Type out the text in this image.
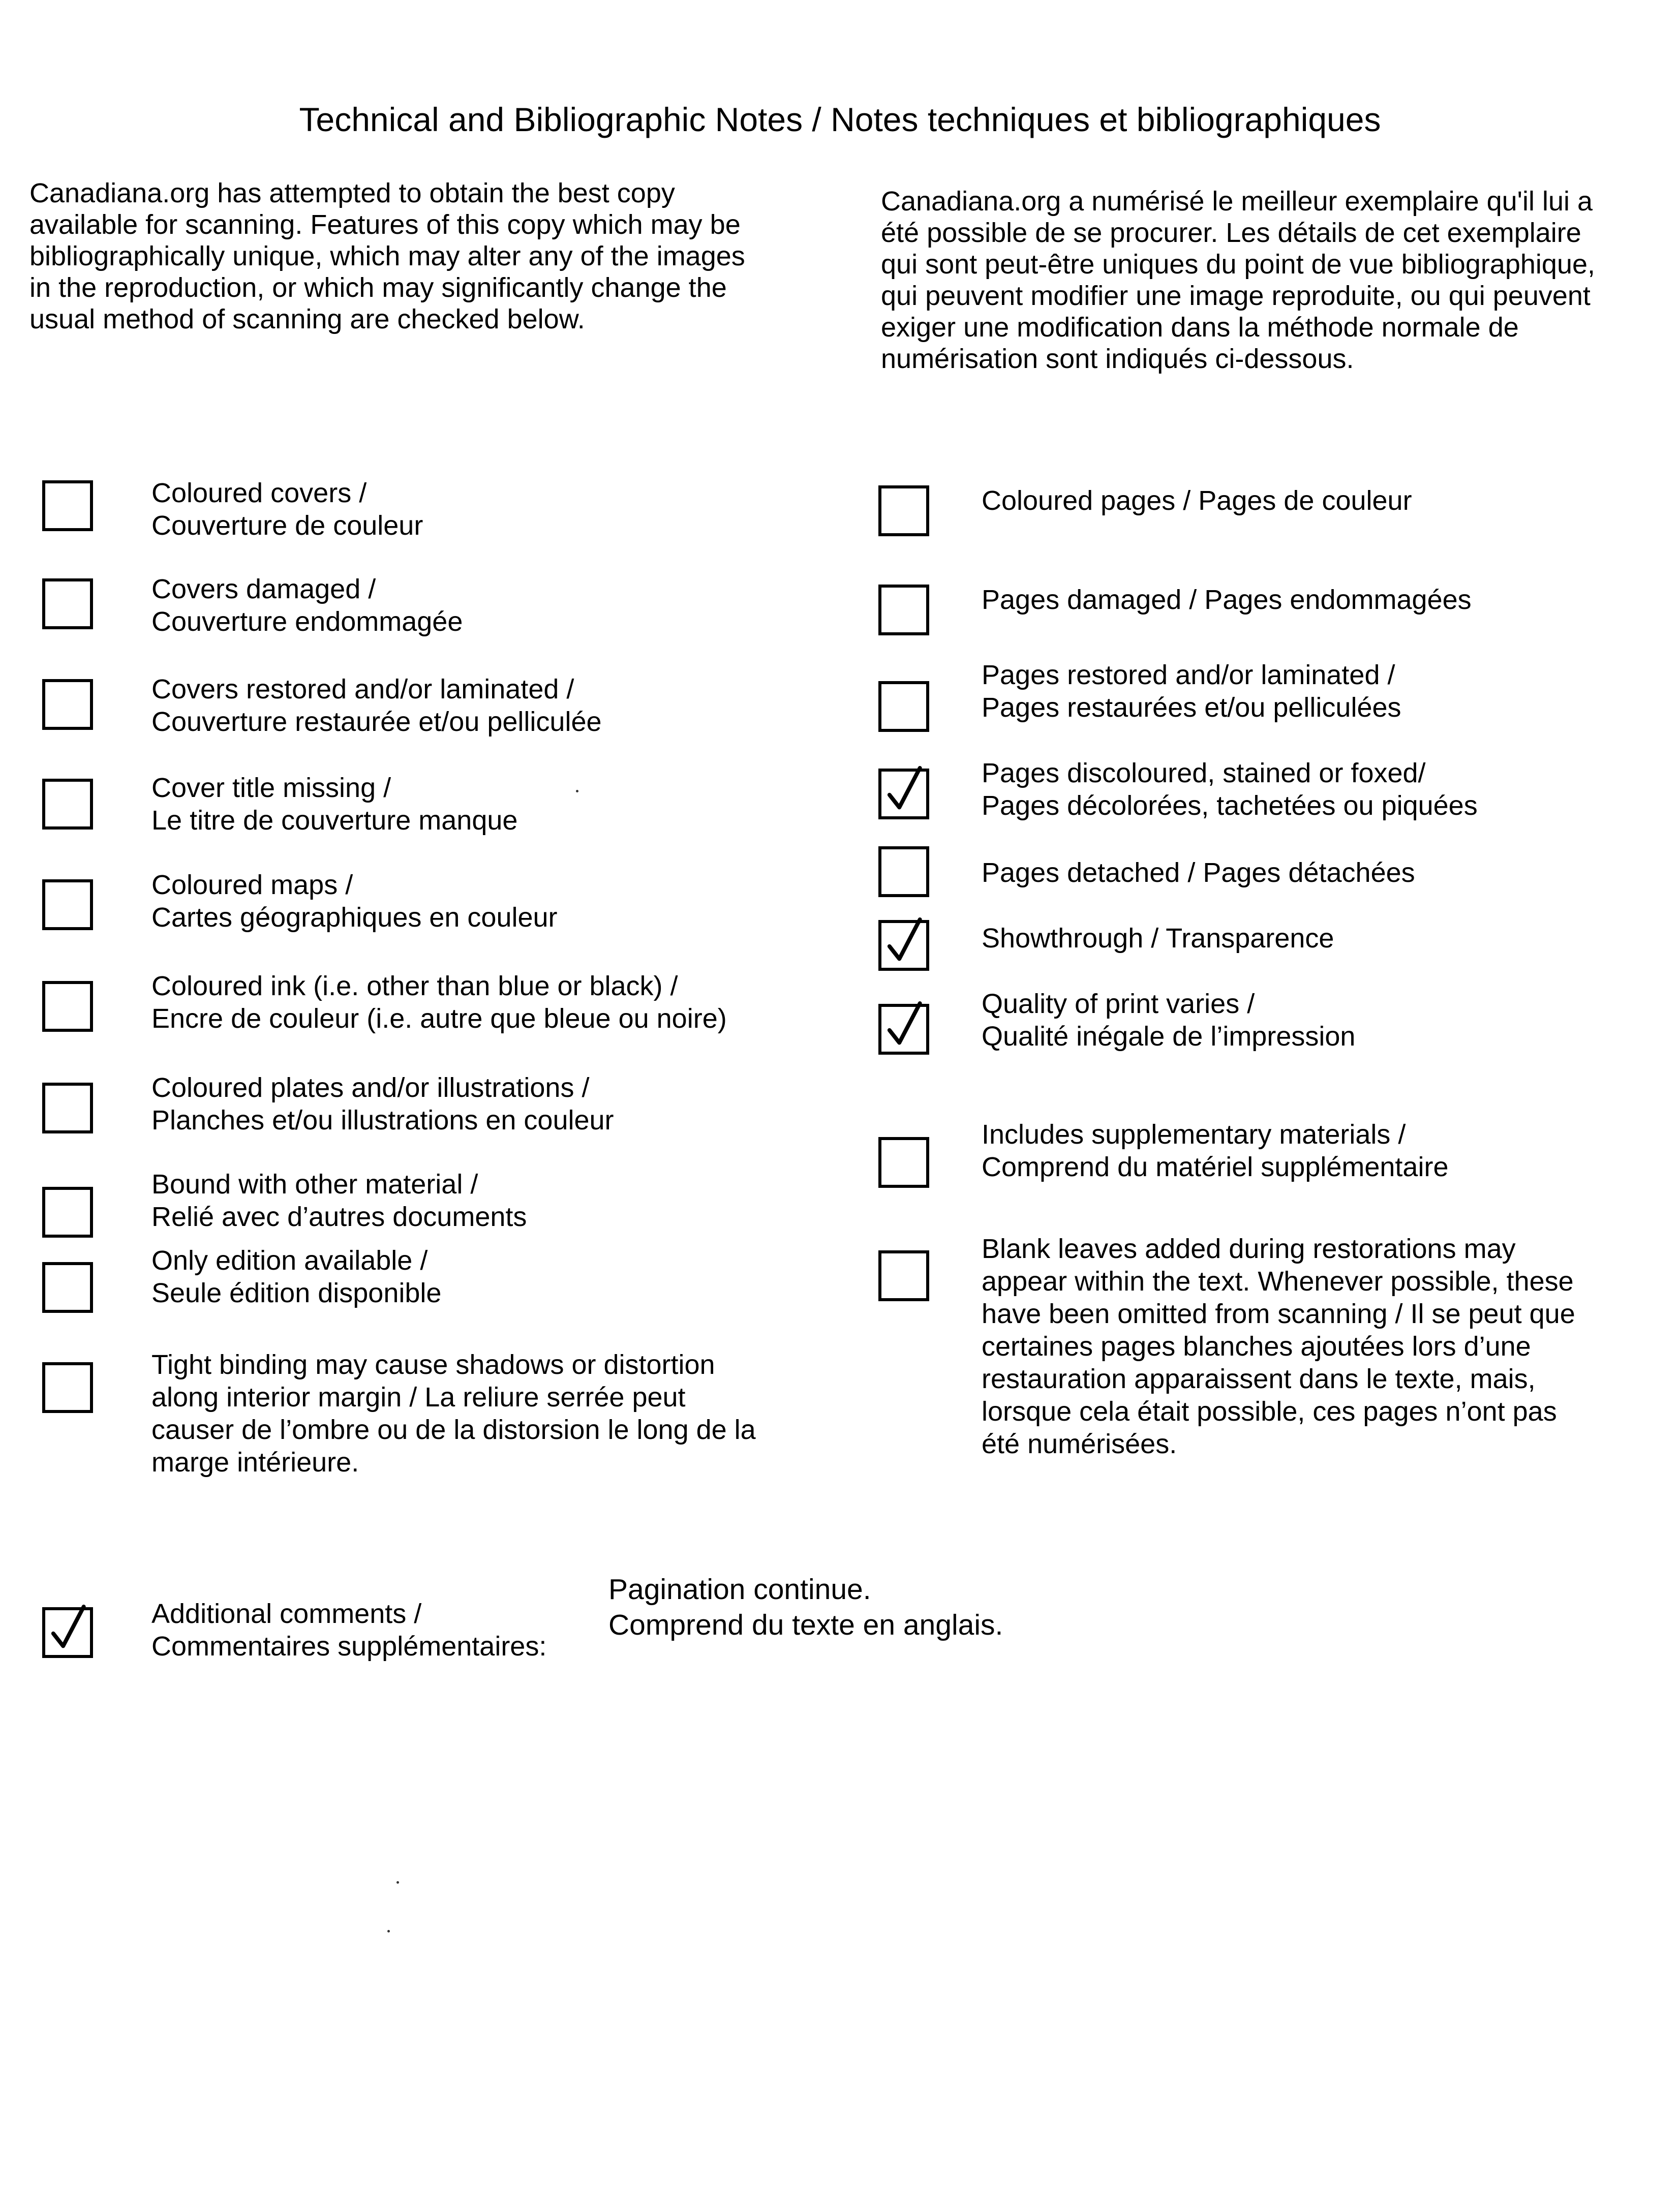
Technical and Bibliographic Notes / Notes techniques et bibliographiques
Canadiana.org has attempted to obtain the best copy
available for scanning. Features of this copy which may be
bibliographically unique, which may alter any of the images
in the reproduction, or which may significantly change the
usual method of scanning are checked below.
Canadiana.org a numérisé le meilleur exemplaire qu'il lui a
été possible de se procurer. Les détails de cet exemplaire
qui sont peut-être uniques du point de vue bibliographique,
qui peuvent modifier une image reproduite, ou qui peuvent
exiger une modification dans la méthode normale de
numérisation sont indiqués ci-dessous.
Coloured covers /
Couverture de couleur
Covers damaged /
Couverture endommagée
Covers restored and/or laminated /
Couverture restaurée et/ou pelliculée
Cover title missing /
Le titre de couverture manque
Coloured maps /
Cartes géographiques en couleur
Coloured ink (i.e. other than blue or black) /
Encre de couleur (i.e. autre que bleue ou noire)
Coloured plates and/or illustrations /
Planches et/ou illustrations en couleur
Bound with other material /
Relié avec d’autres documents
Only edition available /
Seule édition disponible
Tight binding may cause shadows or distortion
along interior margin / La reliure serrée peut
causer de l’ombre ou de la distorsion le long de la
marge intérieure.
Coloured pages / Pages de couleur
Pages damaged / Pages endommagées
Pages restored and/or laminated /
Pages restaurées et/ou pelliculées
Pages discoloured, stained or foxed/
Pages décolorées, tachetées ou piquées
Pages detached / Pages détachées
Showthrough / Transparence
Quality of print varies /
Qualité inégale de l’impression
Includes supplementary materials /
Comprend du matériel supplémentaire
Blank leaves added during restorations may
appear within the text. Whenever possible, these
have been omitted from scanning / Il se peut que
certaines pages blanches ajoutées lors d’une
restauration apparaissent dans le texte, mais,
lorsque cela était possible, ces pages n’ont pas
été numérisées.
Additional comments /
Commentaires supplémentaires:
Pagination continue.
Comprend du texte en anglais.
